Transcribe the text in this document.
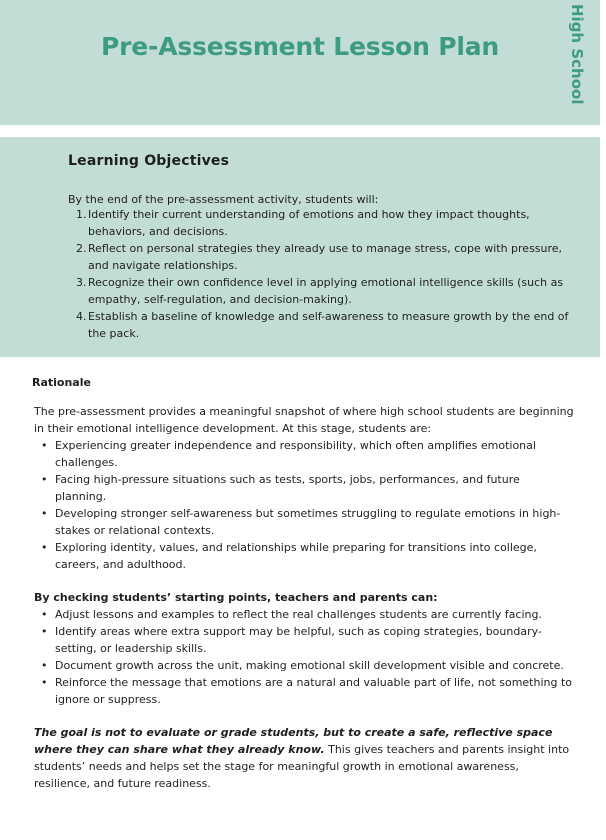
Pre-Assessment Lesson Plan	High School
Learning Objectives
By the end of the pre-assessment activity, students will:
1. Identify their current understanding of emotions and how they impact thoughts, behaviors, and decisions.
2. Reflect on personal strategies they already use to manage stress, cope with pressure, and navigate relationships.
3. Recognize their own confidence level in applying emotional intelligence skills (such as empathy, self-regulation, and decision-making).
4. Establish a baseline of knowledge and self-awareness to measure growth by the end of the pack.
Rationale

The pre-assessment provides a meaningful snapshot of where high school students are beginning in their emotional intelligence development. At this stage, students are:

• Experiencing greater independence and responsibility, which often amplifies emotional challenges.
• Facing high-pressure situations such as tests, sports, jobs, performances, and future planning.
• Developing stronger self-awareness but sometimes struggling to regulate emotions in high-stakes or relational contexts.
• Exploring identity, values, and relationships while preparing for transitions into college, careers, and adulthood.

By checking students’ starting points, teachers and parents can:

• Adjust lessons and examples to reflect the real challenges students are currently facing.
• Identify areas where extra support may be helpful, such as coping strategies, boundary-setting, or leadership skills.
• Document growth across the unit, making emotional skill development visible and concrete.
• Reinforce the message that emotions are a natural and valuable part of life, not something to ignore or suppress.

The goal is not to evaluate or grade students, but to create a safe, reflective space where they can share what they already know. This gives teachers and parents insight into students’ needs and helps set the stage for meaningful growth in emotional awareness, resilience, and future readiness.
